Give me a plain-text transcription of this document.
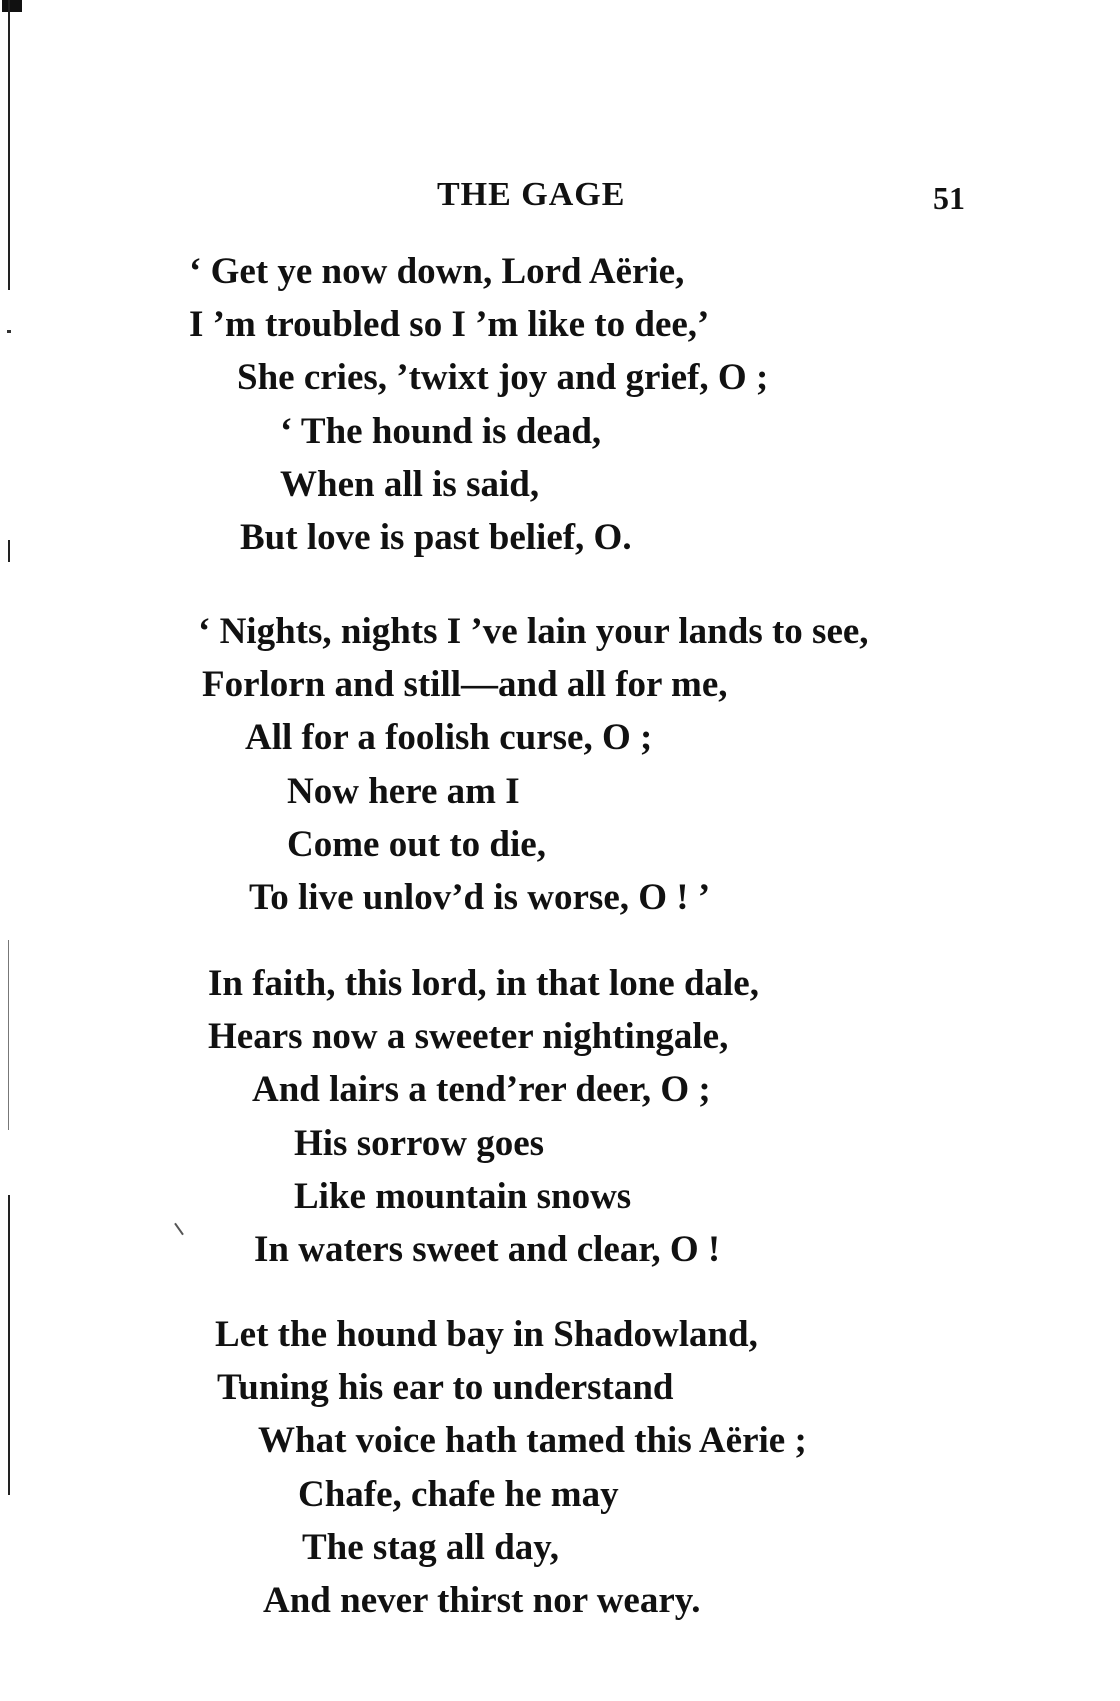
THE GAGE	51
‘ Get ye now down, Lord Aërie,
I ’m troubled so I ’m like to dee,’
She cries, ’twixt joy and grief, O ;
‘ The hound is dead,
When all is said,
But love is past belief, O.
‘ Nights, nights I ’ve lain your lands to see,
Forlorn and still—and all for me,
All for a foolish curse, O ;
Now here am I
Come out to die,
To live unlov’d is worse, O ! ’
In faith, this lord, in that lone dale,
Hears now a sweeter nightingale,
And lairs a tend’rer deer, O ;
His sorrow goes
Like mountain snows
In waters sweet and clear, O !
Let the hound bay in Shadowland,
Tuning his ear to understand
What voice hath tamed this Aërie ;
Chafe, chafe he may
The stag all day,
And never thirst nor weary.
